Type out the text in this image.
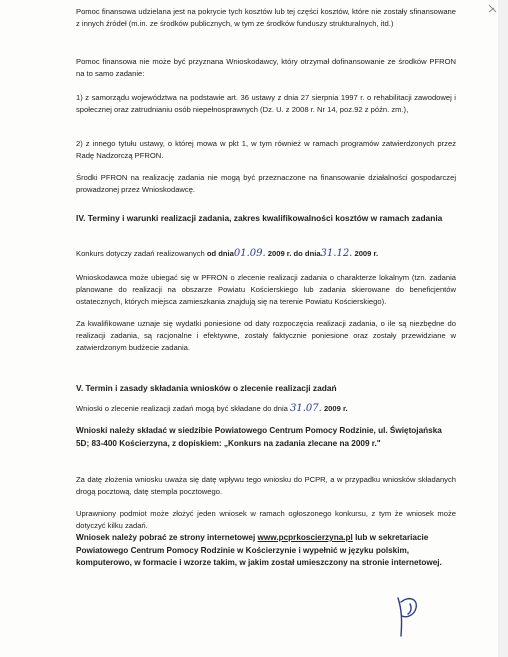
Pomoc finansowa udzielana jest na pokrycie tych kosztów lub tej części kosztów, które nie zostały sfinansowane z innych źródeł (m.in. ze środków publicznych, w tym ze środków funduszy strukturalnych, itd.)

Pomoc finansowa nie może być przyznana Wnioskodawcy, który otrzymał dofinansowanie ze środków PFRON na to samo zadanie:

1) z samorządu województwa na podstawie art. 36 ustawy z dnia 27 sierpnia 1997 r. o rehabilitacji zawodowej i społecznej oraz zatrudnianiu osób niepełnosprawnych (Dz. U. z 2008 r. Nr 14, poz.92 z późn. zm.),

2) z innego tytułu ustawy, o której mowa w pkt 1, w tym również w ramach programów zatwierdzonych przez Radę Nadzorczą PFRON.

Środki PFRON na realizację zadania nie mogą być przeznaczone na finansowanie działalności gospodarczej prowadzonej przez Wnioskodawcę.

IV. Terminy i warunki realizacji zadania, zakres kwalifikowalności kosztów w ramach zadania

Konkurs dotyczy zadań realizowanych od dnia01.09. 2009 r. do dnia31.12. 2009 r.

Wnioskodawca może ubiegać się w PFRON o zlecenie realizacji zadania o charakterze lokalnym (tzn. zadania planowane do realizacji na obszarze Powiatu Kościerskiego lub zadania skierowane do beneficjentów ostatecznych, których miejsca zamieszkania znajdują się na terenie Powiatu Kościerskiego).

Za kwalifikowane uznaje się wydatki poniesione od daty rozpoczęcia realizacji zadania, o ile są niezbędne do realizacji zadania, są racjonalne i efektywne, zostały faktycznie poniesione oraz zostały przewidziane w zatwierdzonym budżecie zadania.

V. Termin i zasady składania wniosków o zlecenie realizacji zadań

Wnioski o zlecenie realizacji zadań mogą być składane do dnia 31.07. 2009 r.

Wnioski należy składać w siedzibie Powiatowego Centrum Pomocy Rodzinie, ul. Świętojańska 5D; 83-400 Kościerzyna, z dopiskiem: „Konkurs na zadania zlecane na 2009 r."

Za datę złożenia wniosku uważa się datę wpływu tego wniosku do PCPR, a w przypadku wniosków składanych drogą pocztową, datę stempla pocztowego.

Uprawniony podmiot może złożyć jeden wniosek w ramach ogłoszonego konkursu, z tym że wniosek może dotyczyć kilku zadań.

Wniosek należy pobrać ze strony internetowej www.pcprkoscierzyna.pl lub w sekretariacie Powiatowego Centrum Pomocy Rodzinie w Kościerzynie i wypełnić w języku polskim, komputerowo, w formacie i wzorze takim, w jakim został umieszczony na stronie internetowej.
